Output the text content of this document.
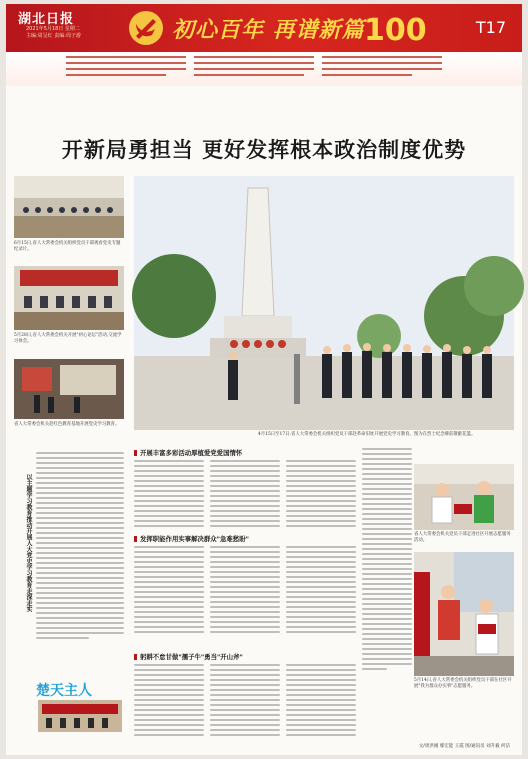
湖北日报
2021年5月18日 星期二
主编:周呈红 责编:周子游	初心百年 再谱新篇 100	T17
开新局勇担当 更好发挥根本政治制度优势
6月15日,省人大常委会机关组织党员干部观看党史专题纪录片。
5月28日,省人大常委会机关开展"初心论坛"活动,交流学习体会。
省人大常委会机关赴红色教育基地开展党史学习教育。
4月15日至17日,省人大常委会机关组织党员干部赴革命旧址开展党史学习教育。图为在烈士纪念碑前敬献花篮。
以主题学习教育推动开展人大党史学习教育走深走实
楚天主人
开展丰富多彩活动厚植爱党爱国情怀
发挥职能作用实事解决群众"急难愁盼"
躬耕不怠甘做"孺子牛"勇当"开山斧"
省人大常委会机关党员干部走进社区开展志愿服务活动。
5月14日,省人大常委会机关组织党员干部在社区开展"我为群众办实事"志愿服务。
文/周洪刚 鄢宏能 王霞 图/通讯员 刘升毅 何洁
